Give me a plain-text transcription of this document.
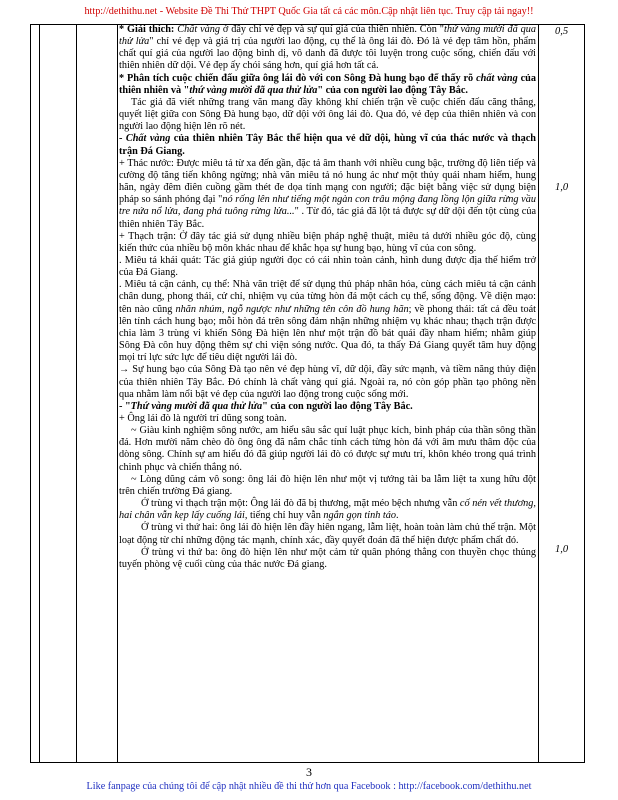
http://dethithu.net - Website Đề Thi Thử THPT Quốc Gia tất cả các môn.Cập nhật liên tục. Truy cập tải ngay!!

* Giải thích: Chất vàng ở đây chỉ vẻ đẹp và sự quí giá của thiên nhiên. Còn "thứ vàng mười đã qua thử lửa" chỉ vẻ đẹp và giá trị của người lao động, cụ thể là ông lái đò. Đó là vẻ đẹp tâm hồn, phẩm chất quí giá của người lao động bình dị, vô danh đã được tôi luyện trong cuộc sống, chiến đấu với thiên nhiên dữ dội. Vẻ đẹp ấy chói sáng hơn, quí giá hơn tất cả.

* Phân tích cuộc chiến đấu giữa ông lái đò với con Sông Đà hung bạo để thấy rõ chất vàng của thiên nhiên và "thứ vàng mười đã qua thử lửa" của con người lao động Tây Bắc.

Tác giả đã viết những trang văn mang đầy không khí chiến trận về cuộc chiến đấu căng thẳng, quyết liệt giữa con Sông Đà hung bạo, dữ dội với ông lái đò. Qua đó, vẻ đẹp của thiên nhiên và con người lao động hiện lên rõ nét.

- Chất vàng của thiên nhiên Tây Bắc thể hiện qua vẻ dữ dội, hùng vĩ của thác nước và thạch trận Đá Giang.

+ Thác nước: Được miêu tả từ xa đến gần, đặc tả âm thanh với nhiều cung bậc, trường độ liên tiếp và cường độ tăng tiến không ngừng; nhà văn miêu tả nó hung ác như một thủy quái nham hiểm, hung hãn, ngày đêm điên cuồng gầm thét đe dọa tính mạng con người; đặc biệt bằng việc sử dụng biện pháp so sánh phóng đại "nó rống lên như tiếng một ngàn con trâu mộng đang lồng lộn giữa rừng vầu tre nứa nổ lửa, đang phá tuông rừng lửa..." . Từ đó, tác giả đã lột tả được sự dữ dội đến tột cùng của thiên nhiên Tây Bắc.

+ Thạch trận: Ở đây tác giả sử dụng nhiều biện pháp nghệ thuật, miêu tả dưới nhiều góc độ, cùng kiến thức của nhiều bộ môn khác nhau để khắc họa sự hung bạo, hùng vĩ của con sông.

. Miêu tả khái quát: Tác giả giúp người đọc có cái nhìn toàn cảnh, hình dung được địa thế hiểm trở của Đá Giang.

. Miêu tả cận cảnh, cụ thể: Nhà văn triệt để sử dụng thủ pháp nhân hóa, cùng cách miêu tả cận cảnh chân dung, phong thái, cử chỉ, nhiệm vụ của từng hòn đá một cách cụ thể, sống động. Về diện mạo: tên nào cũng nhăn nhúm, ngỗ ngược như những tên côn đồ hung hãn; về phong thái: tất cả đều toát lên tính cách hung bạo; mỗi hòn đá trên sông đảm nhận những nhiệm vụ khác nhau; thạch trận được chia làm 3 trùng vi khiến Sông Đà hiện lên như một trận đồ bát quái đầy nham hiểm; nhằm giúp Sông Đà côn huy động thêm sự chi viện sóng nước. Qua đó, ta thấy Đá Giang quyết tâm huy động mọi trí lực sức lực để tiêu diệt người lái đò.

→ Sự hung bạo của Sông Đà tạo nên vẻ đẹp hùng vĩ, dữ dội, đầy sức mạnh, và tiềm năng thủy điện của thiên nhiên Tây Bắc. Đó chính là chất vàng quí giá. Ngoài ra, nó còn góp phần tạo phông nền qua nhằm làm nổi bật vẻ đẹp của người lao động trong cuộc sống mới.

- "Thứ vàng mười đã qua thử lửa" của con người lao động Tây Bắc.

+ Ông lái đò là người trí dũng song toàn.

~ Giàu kinh nghiệm sông nước, am hiểu sâu sắc quí luật phục kích, binh pháp của thần sông thần đá. Hơn mười năm chèo đò ông ông đã nắm chắc tính cách từng hòn đá với âm mưu thâm độc của dòng sông. Chính sự am hiểu đó đã giúp người lái đò có được sự mưu trí, khôn khéo trong quá trình chinh phục và chiến thắng nó.

~ Lòng dũng cảm vô song: ông lái đò hiện lên như một vị tướng tài ba lẫm liệt ta xung hữu đột trên chiến trường Đá giang.

Ở trùng vi thạch trận một: Ông lái đò đã bị thương, mặt méo bệch nhưng vẫn cố nén vết thương, hai chân vẫn kẹp lấy cuống lái, tiếng chỉ huy vẫn ngắn gọn tỉnh táo.

Ở trùng vi thứ hai: ông lái đò hiện lên đầy hiên ngang, lẫm liệt, hoàn toàn làm chủ thế trận. Một loạt động từ chỉ những động tác mạnh, chính xác, đầy quyết đoán đã thể hiện được phẩm chất đó.

Ở trùng vi thứ ba: ông đò hiện lên như một cảm tử quân phóng thẳng con thuyền chọc thủng tuyến phòng vệ cuối cùng của thác nước Đá giang.

0,5
1,0
1,0
3
Like fanpage của chúng tôi để cập nhật nhiều đề thi thử hơn qua Facebook : http://facebook.com/dethithu.net
